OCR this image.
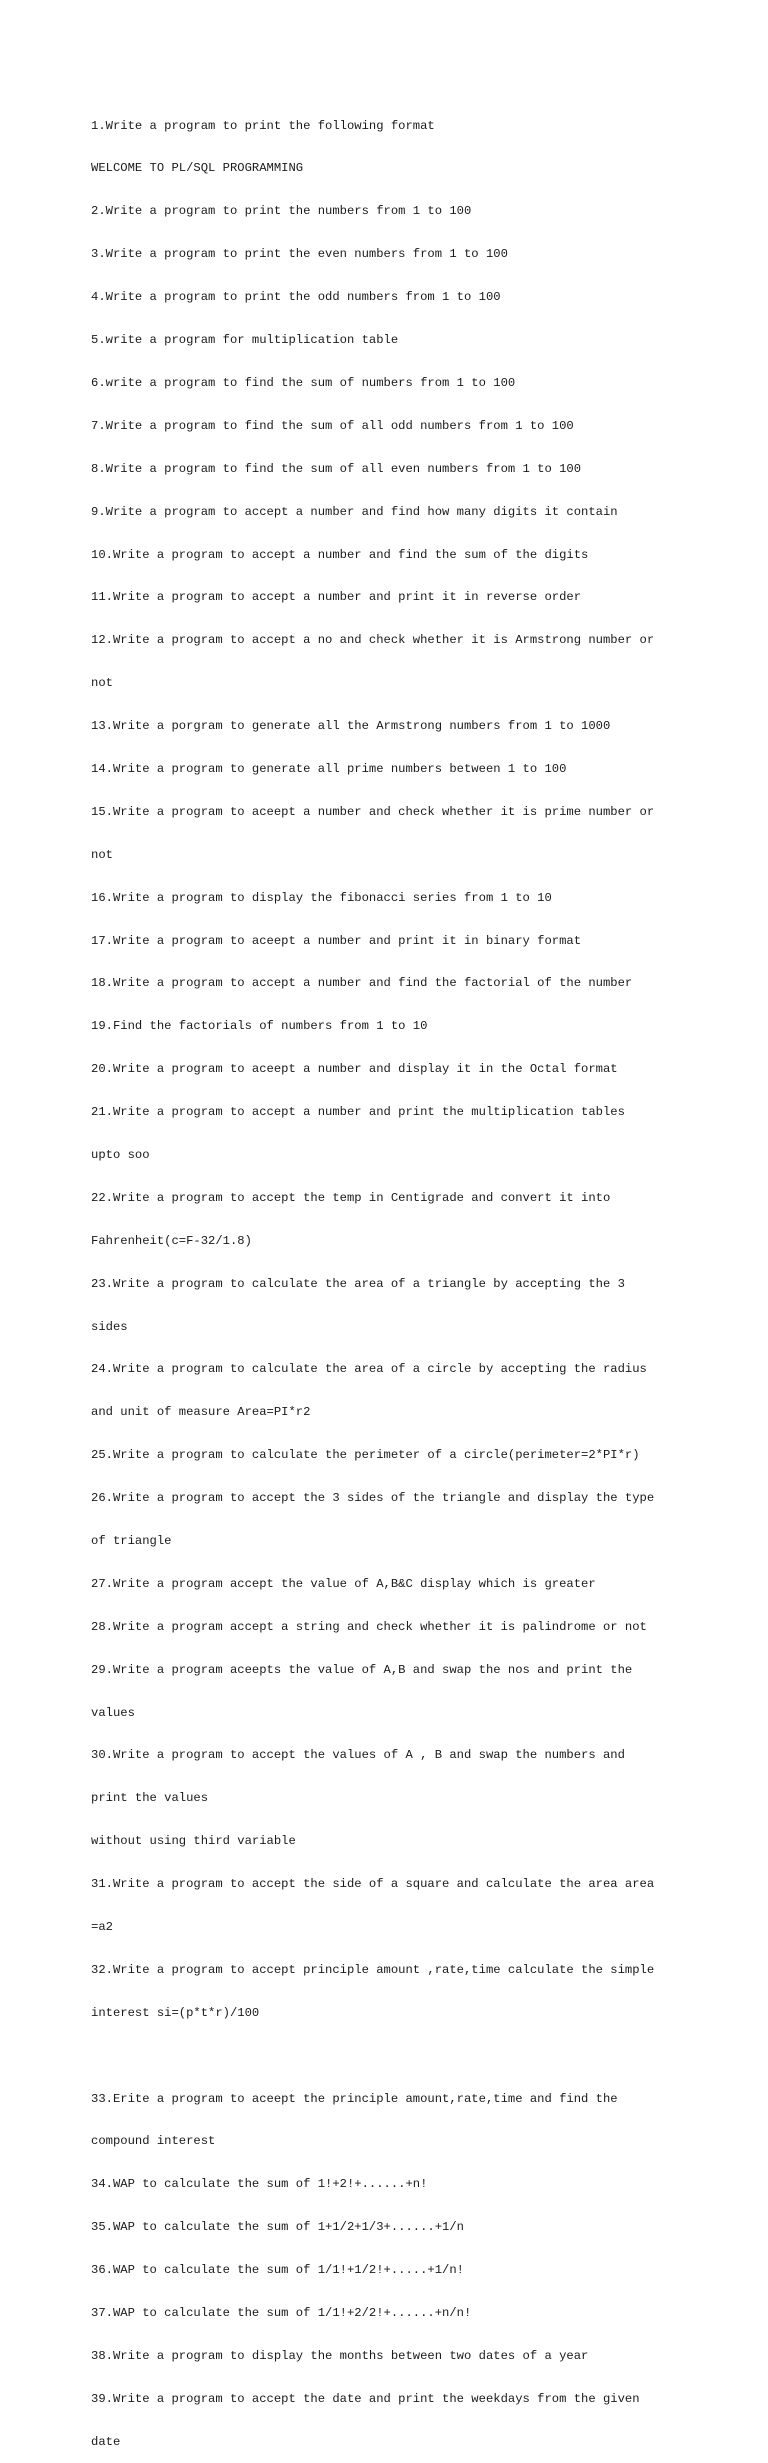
1.Write a program to print the following format

WELCOME TO PL/SQL PROGRAMMING

2.Write a program to print the numbers from 1 to 100

3.Write a program to print the even numbers from 1 to 100

4.Write a program to print the odd numbers from 1 to 100

5.write a program for multiplication table

6.write a program to find the sum of numbers from 1 to 100

7.Write a program to find the sum of all odd numbers from 1 to 100

8.Write a program to find the sum of all even numbers from 1 to 100

9.Write a program to accept a number and find how many digits it contain

10.Write a program to accept a number and find the sum of the digits

11.Write a program to accept a number and print it in reverse order

12.Write a program to accept a no and check whether it is Armstrong number or

not

13.Write a porgram to generate all the Armstrong numbers from 1 to 1000

14.Write a program to generate all prime numbers between 1 to 100

15.Write a program to aceept a number and check whether it is prime number or

not

16.Write a program to display the fibonacci series from 1 to 10

17.Write a program to aceept a number and print it in binary format

18.Write a program to accept a number and find the factorial of the number

19.Find the factorials of numbers from 1 to 10

20.Write a program to aceept a number and display it in the Octal format

21.Write a program to accept a number and print the multiplication tables

upto soo

22.Write a program to accept the temp in Centigrade and convert it into

Fahrenheit(c=F-32/1.8)

23.Write a program to calculate the area of a triangle by accepting the 3

sides

24.Write a program to calculate the area of a circle by accepting the radius

and unit of measure Area=PI*r2

25.Write a program to calculate the perimeter of a circle(perimeter=2*PI*r)

26.Write a program to accept the 3 sides of the triangle and display the type

of triangle

27.Write a program accept the value of A,B&C display which is greater

28.Write a program accept a string and check whether it is palindrome or not

29.Write a program aceepts the value of A,B and swap the nos and print the

values

30.Write a program to accept the values of A , B and swap the numbers and

print the values

without using third variable

31.Write a program to accept the side of a square and calculate the area area

=a2

32.Write a program to accept principle amount ,rate,time calculate the simple

interest si=(p*t*r)/100

33.Erite a program to aceept the principle amount,rate,time and find the

compound interest

34.WAP to calculate the sum of 1!+2!+......+n!

35.WAP to calculate the sum of 1+1/2+1/3+......+1/n

36.WAP to calculate the sum of 1/1!+1/2!+.....+1/n!

37.WAP to calculate the sum of 1/1!+2/2!+......+n/n!

38.Write a program to display the months between two dates of a year

39.Write a program to accept the date and print the weekdays from the given

date
